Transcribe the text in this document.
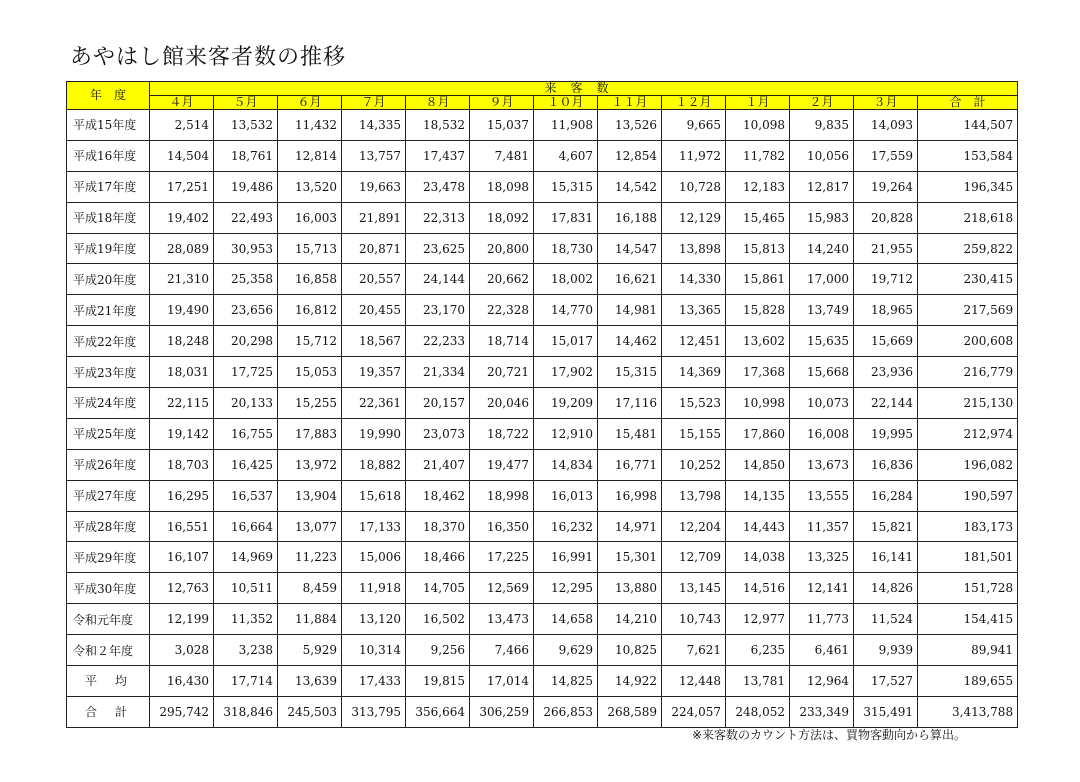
あやはし館来客者数の推移
年度	来客数												
	４月	５月	６月	７月	８月	９月	１０月	１１月	１２月	１月	２月	３月	合　計
平成15年度	2,514	13,532	11,432	14,335	18,532	15,037	11,908	13,526	9,665	10,098	9,835	14,093	144,507
平成16年度	14,504	18,761	12,814	13,757	17,437	7,481	4,607	12,854	11,972	11,782	10,056	17,559	153,584
平成17年度	17,251	19,486	13,520	19,663	23,478	18,098	15,315	14,542	10,728	12,183	12,817	19,264	196,345
平成18年度	19,402	22,493	16,003	21,891	22,313	18,092	17,831	16,188	12,129	15,465	15,983	20,828	218,618
平成19年度	28,089	30,953	15,713	20,871	23,625	20,800	18,730	14,547	13,898	15,813	14,240	21,955	259,822
平成20年度	21,310	25,358	16,858	20,557	24,144	20,662	18,002	16,621	14,330	15,861	17,000	19,712	230,415
平成21年度	19,490	23,656	16,812	20,455	23,170	22,328	14,770	14,981	13,365	15,828	13,749	18,965	217,569
平成22年度	18,248	20,298	15,712	18,567	22,233	18,714	15,017	14,462	12,451	13,602	15,635	15,669	200,608
平成23年度	18,031	17,725	15,053	19,357	21,334	20,721	17,902	15,315	14,369	17,368	15,668	23,936	216,779
平成24年度	22,115	20,133	15,255	22,361	20,157	20,046	19,209	17,116	15,523	10,998	10,073	22,144	215,130
平成25年度	19,142	16,755	17,883	19,990	23,073	18,722	12,910	15,481	15,155	17,860	16,008	19,995	212,974
平成26年度	18,703	16,425	13,972	18,882	21,407	19,477	14,834	16,771	10,252	14,850	13,673	16,836	196,082
平成27年度	16,295	16,537	13,904	15,618	18,462	18,998	16,013	16,998	13,798	14,135	13,555	16,284	190,597
平成28年度	16,551	16,664	13,077	17,133	18,370	16,350	16,232	14,971	12,204	14,443	11,357	15,821	183,173
平成29年度	16,107	14,969	11,223	15,006	18,466	17,225	16,991	15,301	12,709	14,038	13,325	16,141	181,501
平成30年度	12,763	10,511	8,459	11,918	14,705	12,569	12,295	13,880	13,145	14,516	12,141	14,826	151,728
令和元年度	12,199	11,352	11,884	13,120	16,502	13,473	14,658	14,210	10,743	12,977	11,773	11,524	154,415
令和２年度	3,028	3,238	5,929	10,314	9,256	7,466	9,629	10,825	7,621	6,235	6,461	9,939	89,941
平均	16,430	17,714	13,639	17,433	19,815	17,014	14,825	14,922	12,448	13,781	12,964	17,527	189,655
合計	295,742	318,846	245,503	313,795	356,664	306,259	266,853	268,589	224,057	248,052	233,349	315,491	3,413,788
※来客数のカウント方法は、買物客動向から算出。
